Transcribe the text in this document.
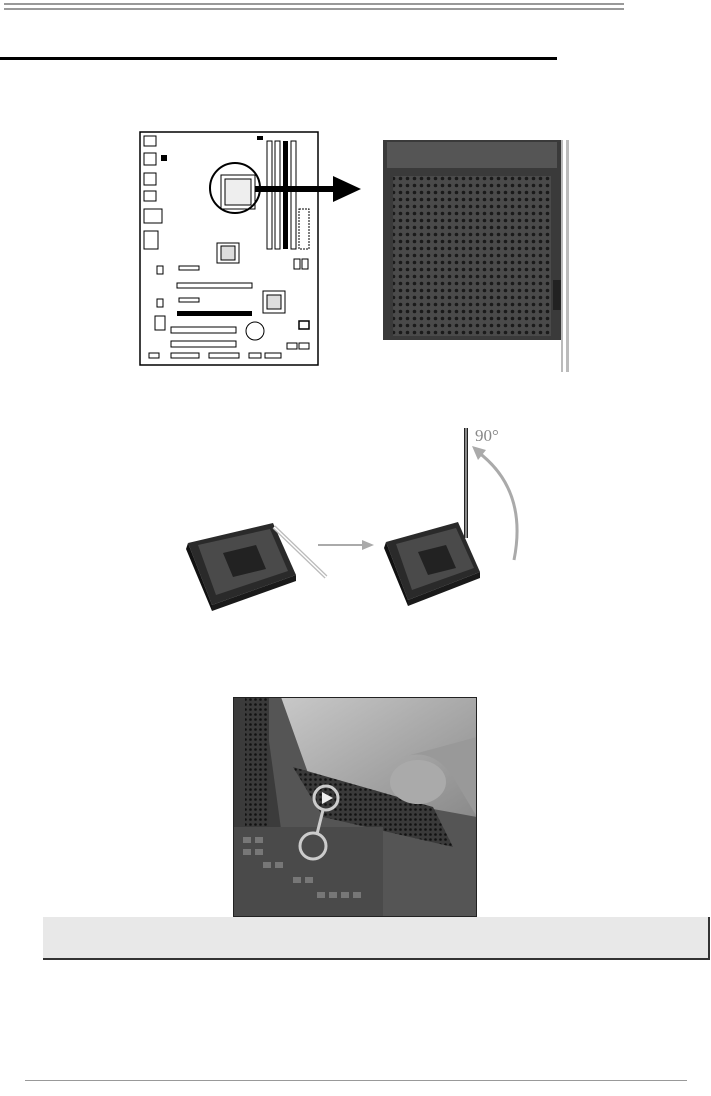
90°
